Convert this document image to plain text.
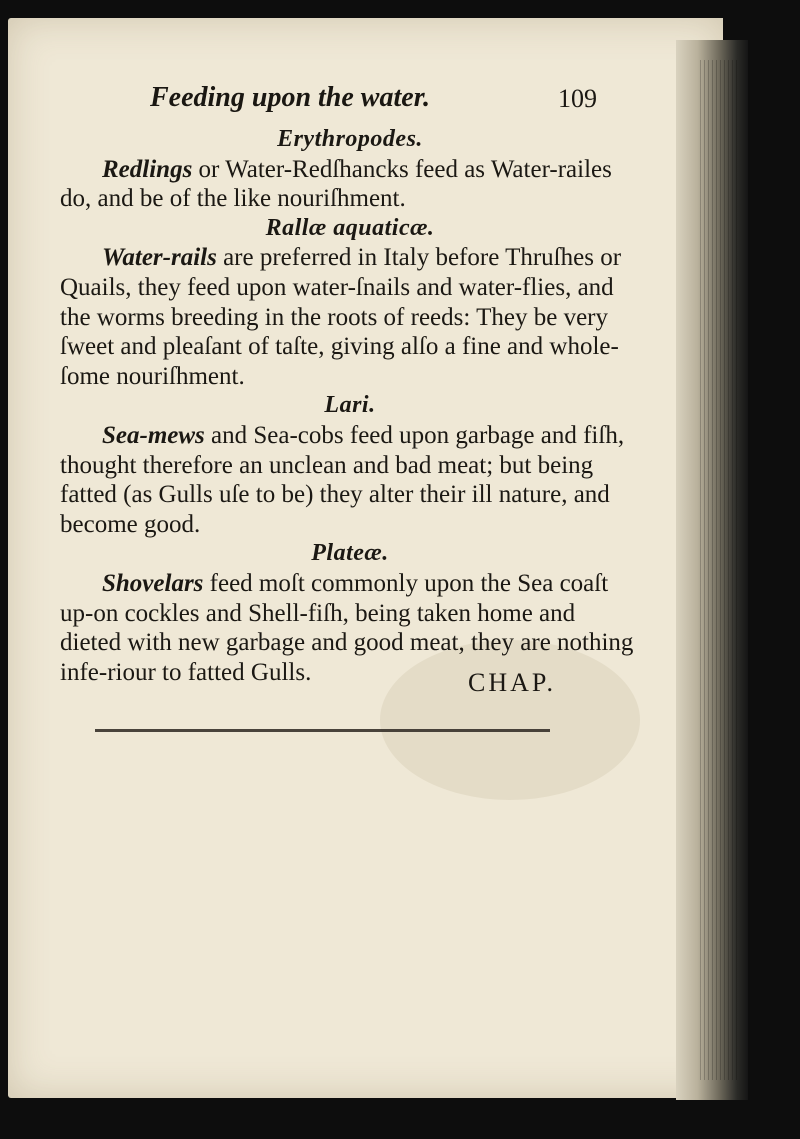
Feeding upon the water.	109
Erythropodes.
Redlings or Water-Redſhancks feed as Water-railes do, and be of the like nouriſhment.
Rallæ aquaticæ.
Water-rails are preferred in Italy before Thruſhes or Quails, they feed upon water-ſnails and water-flies, and the worms breeding in the roots of reeds: They be very ſweet and pleaſant of taſte, giving alſo a fine and whole-ſome nouriſhment.
Lari.
Sea-mews and Sea-cobs feed upon garbage and fiſh, thought therefore an unclean and bad meat; but being fatted (as Gulls uſe to be) they alter their ill nature, and become good.
Plateæ.
Shovelars feed moſt commonly upon the Sea coaſt up-on cockles and Shell-fiſh, being taken home and dieted with new garbage and good meat, they are nothing infe-riour to fatted Gulls.	CHAP.
